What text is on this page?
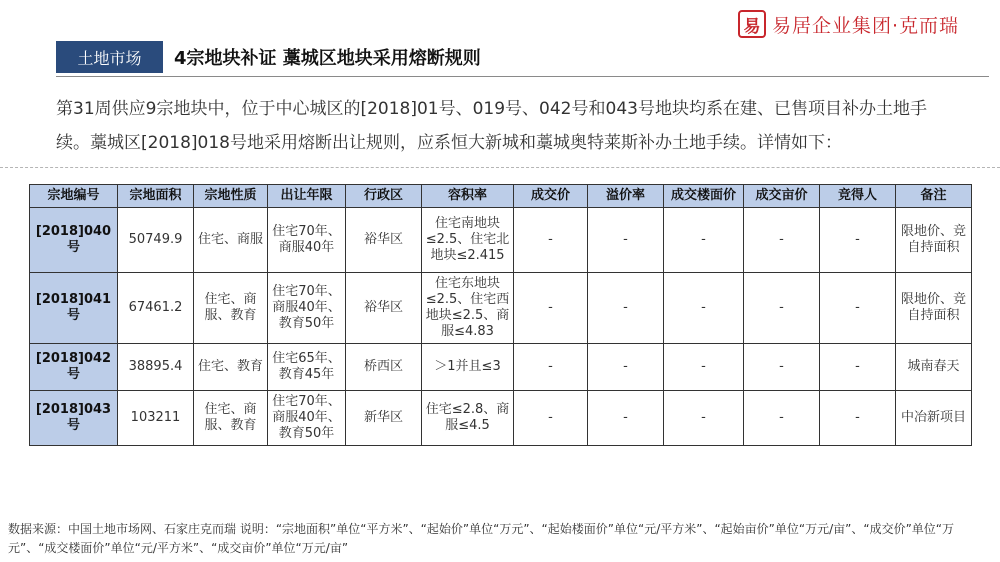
易 易居企业集团·克而瑞
土地市场	4宗地块补证 藁城区地块采用熔断规则
第31周供应9宗地块中，位于中心城区的[2018]01号、019号、042号和043号地块均系在建、已售项目补办土地手续。藁城区[2018]018号地采用熔断出让规则，应系恒大新城和藁城奥特莱斯补办土地手续。详情如下：
宗地编号	宗地面积	宗地性质	出让年限	行政区	容积率	成交价	溢价率	成交楼面价	成交亩价	竞得人	备注
[2018]040号	50749.9	住宅、商服	住宅70年、商服40年	裕华区	住宅南地块≤2.5、住宅北地块≤2.415	-	-	-	-	-	限地价、竞自持面积
[2018]041号	67461.2	住宅、商服、教育	住宅70年、商服40年、教育50年	裕华区	住宅东地块≤2.5、住宅西地块≤2.5、商服≤4.83	-	-	-	-	-	限地价、竞自持面积
[2018]042号	38895.4	住宅、教育	住宅65年、教育45年	桥西区	＞1并且≤3	-	-	-	-	-	城南春天
[2018]043号	103211	住宅、商服、教育	住宅70年、商服40年、教育50年	新华区	住宅≤2.8、商服≤4.5	-	-	-	-	-	中冶新项目
数据来源：中国土地市场网、石家庄克而瑞 说明：“宗地面积”单位“平方米”、“起始价”单位“万元”、“起始楼面价”单位“元/平方米”、“起始亩价”单位“万元/亩”、“成交价”单位“万元”、“成交楼面价”单位“元/平方米”、“成交亩价”单位“万元/亩”
